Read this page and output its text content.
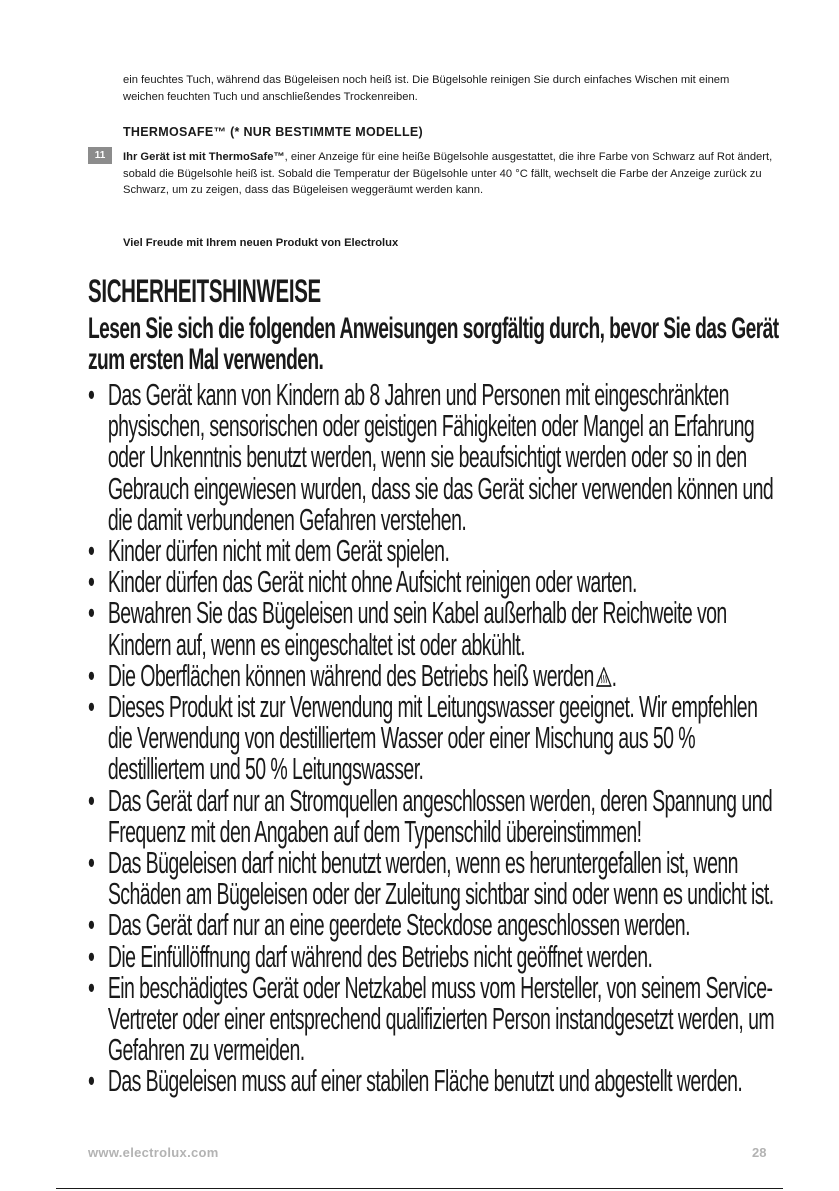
ein feuchtes Tuch, während das Bügeleisen noch heiß ist. Die Bügelsohle reinigen Sie durch einfaches Wischen mit einem weichen feuchten Tuch und anschließendes Trockenreiben.
THERMOSAFE™ (* NUR BESTIMMTE MODELLE)
11	Ihr Gerät ist mit ThermoSafe™, einer Anzeige für eine heiße Bügelsohle ausgestattet, die ihre Farbe von Schwarz auf Rot ändert, sobald die Bügelsohle heiß ist. Sobald die Temperatur der Bügelsohle unter 40 °C fällt, wechselt die Farbe der Anzeige zurück zu Schwarz, um zu zeigen, dass das Bügeleisen weggeräumt werden kann.
Viel Freude mit Ihrem neuen Produkt von Electrolux
SICHERHEITSHINWEISE
Lesen Sie sich die folgenden Anweisungen sorgfältig durch, bevor Sie das Gerät zum ersten Mal verwenden.
• Das Gerät kann von Kindern ab 8 Jahren und Personen mit eingeschränkten physischen, sensorischen oder geistigen Fähigkeiten oder Mangel an Erfahrung oder Unkenntnis benutzt werden, wenn sie beaufsichtigt werden oder so in den Gebrauch eingewiesen wurden, dass sie das Gerät sicher verwenden können und die damit verbundenen Gefahren verstehen.
• Kinder dürfen nicht mit dem Gerät spielen.
• Kinder dürfen das Gerät nicht ohne Aufsicht reinigen oder warten.
• Bewahren Sie das Bügeleisen und sein Kabel außerhalb der Reichweite von Kindern auf, wenn es eingeschaltet ist oder abkühlt.
• Die Oberflächen können während des Betriebs heiß werden .
• Dieses Produkt ist zur Verwendung mit Leitungswasser geeignet. Wir empfehlen die Verwendung von destilliertem Wasser oder einer Mischung aus 50 % destilliertem und 50 % Leitungswasser.
• Das Gerät darf nur an Stromquellen angeschlossen werden, deren Spannung und Frequenz mit den Angaben auf dem Typenschild übereinstimmen!
• Das Bügeleisen darf nicht benutzt werden, wenn es heruntergefallen ist, wenn Schäden am Bügeleisen oder der Zuleitung sichtbar sind oder wenn es undicht ist.
• Das Gerät darf nur an eine geerdete Steckdose angeschlossen werden.
• Die Einfüllöffnung darf während des Betriebs nicht geöffnet werden.
• Ein beschädigtes Gerät oder Netzkabel muss vom Hersteller, von seinem Service-Vertreter oder einer entsprechend qualifizierten Person instandgesetzt werden, um Gefahren zu vermeiden.
• Das Bügeleisen muss auf einer stabilen Fläche benutzt und abgestellt werden.
www.electrolux.com	28
